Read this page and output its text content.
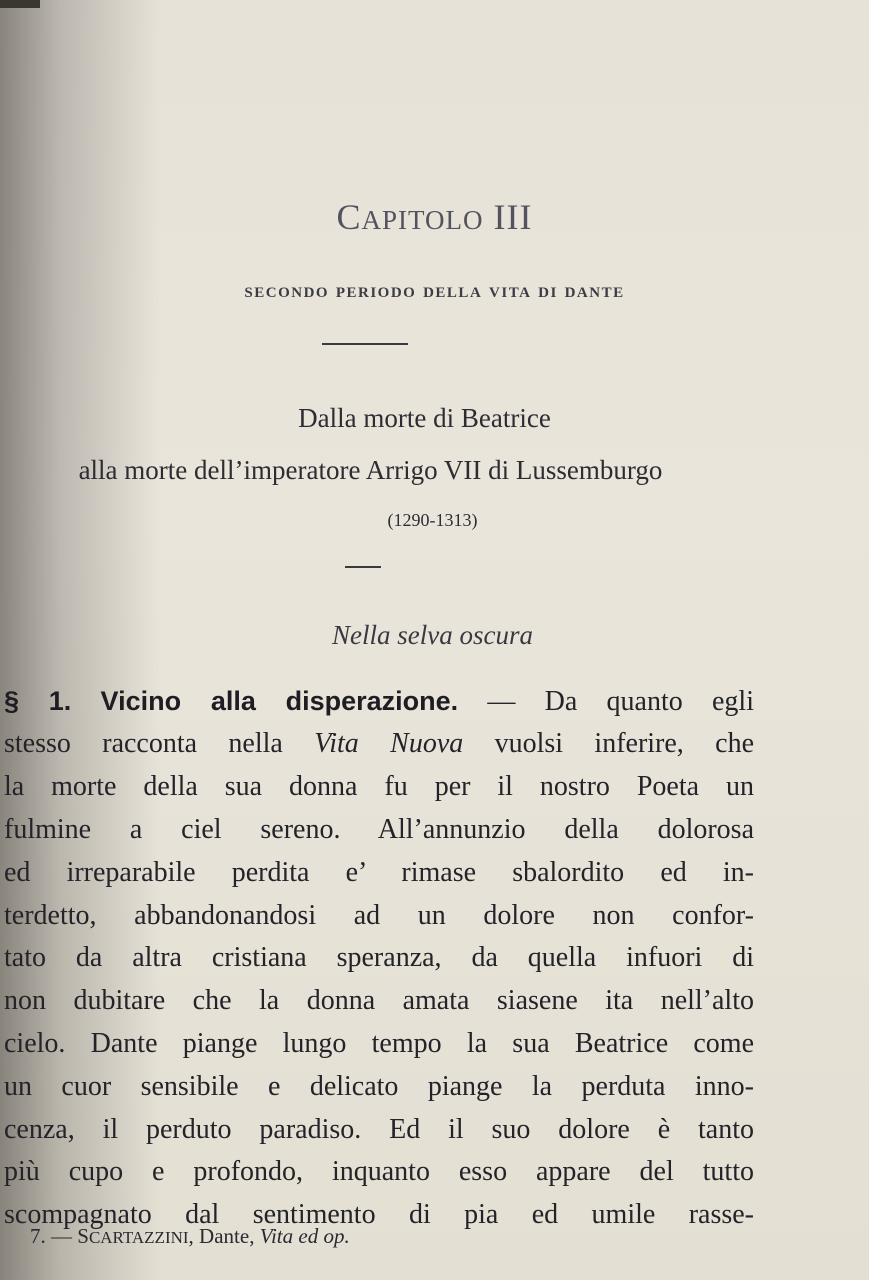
CAPITOLO III
secondo periodo della vita di dante
Dalla morte di Beatrice
alla morte dell’imperatore Arrigo VII di Lussemburgo
(1290-1313)
Nella selva oscura
§ 1. Vicino alla disperazione. — Da quanto egli
stesso racconta nella Vita Nuova vuolsi inferire, che
la morte della sua donna fu per il nostro Poeta un
fulmine a ciel sereno. All’annunzio della dolorosa
ed irreparabile perdita e’ rimase sbalordito ed in-
terdetto, abbandonandosi ad un dolore non confor-
tato da altra cristiana speranza, da quella infuori di
non dubitare che la donna amata siasene ita nell’alto
cielo. Dante piange lungo tempo la sua Beatrice come
un cuor sensibile e delicato piange la perduta inno-
cenza, il perduto paradiso. Ed il suo dolore è tanto
più cupo e profondo, inquanto esso appare del tutto
scompagnato dal sentimento di pia ed umile rasse-
7. — SCARTAZZINI, Dante, Vita ed op.
